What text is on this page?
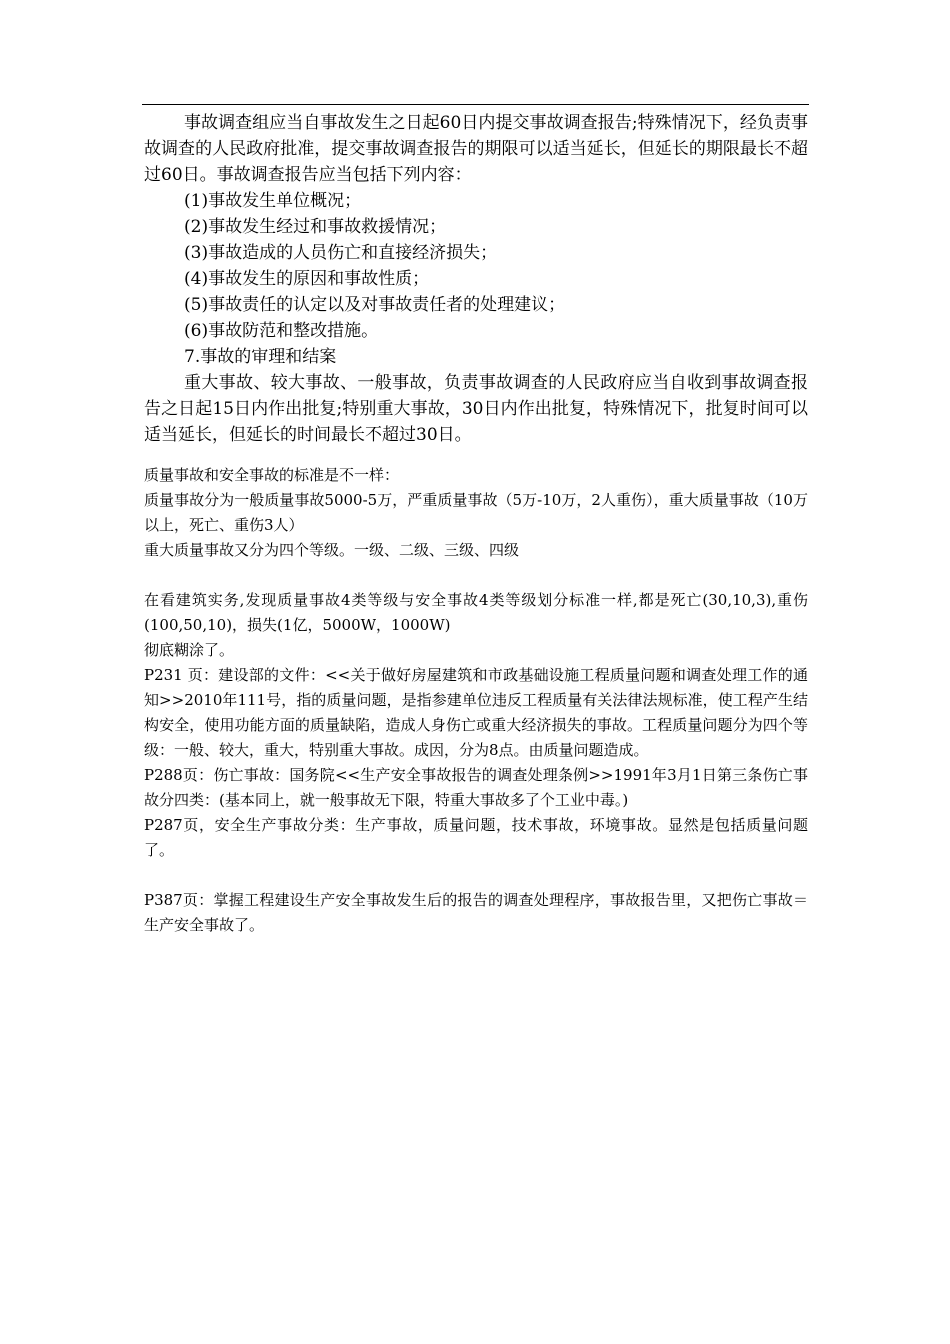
事故调查组应当自事故发生之日起60日内提交事故调查报告;特殊情况下，经负责事故调查的人民政府批准，提交事故调查报告的期限可以适当延长，但延长的期限最长不超过60日。事故调查报告应当包括下列内容：

(1)事故发生单位概况；

(2)事故发生经过和事故救援情况；

(3)事故造成的人员伤亡和直接经济损失；

(4)事故发生的原因和事故性质；

(5)事故责任的认定以及对事故责任者的处理建议；

(6)事故防范和整改措施。

7.事故的审理和结案

重大事故、较大事故、一般事故，负责事故调查的人民政府应当自收到事故调查报告之日起15日内作出批复;特别重大事故，30日内作出批复，特殊情况下，批复时间可以适当延长，但延长的时间最长不超过30日。

质量事故和安全事故的标准是不一样：

质量事故分为一般质量事故5000-5万，严重质量事故（5万-10万，2人重伤），重大质量事故（10万以上，死亡、重伤3人）

重大质量事故又分为四个等级。一级、二级、三级、四级

在看建筑实务,发现质量事故4类等级与安全事故4类等级划分标准一样,都是死亡(30,10,3),重伤(100,50,10)，损失(1亿，5000W，1000W)

彻底糊涂了。

P231 页：建设部的文件：<<关于做好房屋建筑和市政基础设施工程质量问题和调查处理工作的通知>>2010年111号，指的质量问题，是指参建单位违反工程质量有关法律法规标准，使工程产生结构安全，使用功能方面的质量缺陷，造成人身伤亡或重大经济损失的事故。工程质量问题分为四个等级：一般、较大，重大，特别重大事故。成因，分为8点。由质量问题造成。

P288页：伤亡事故：国务院<<生产安全事故报告的调查处理条例>>1991年3月1日第三条伤亡事故分四类：(基本同上，就一般事故无下限，特重大事故多了个工业中毒。)

P287页，安全生产事故分类：生产事故，质量问题，技术事故，环境事故。显然是包括质量问题了。

P387页：掌握工程建设生产安全事故发生后的报告的调查处理程序，事故报告里，又把伤亡事故＝生产安全事故了。
